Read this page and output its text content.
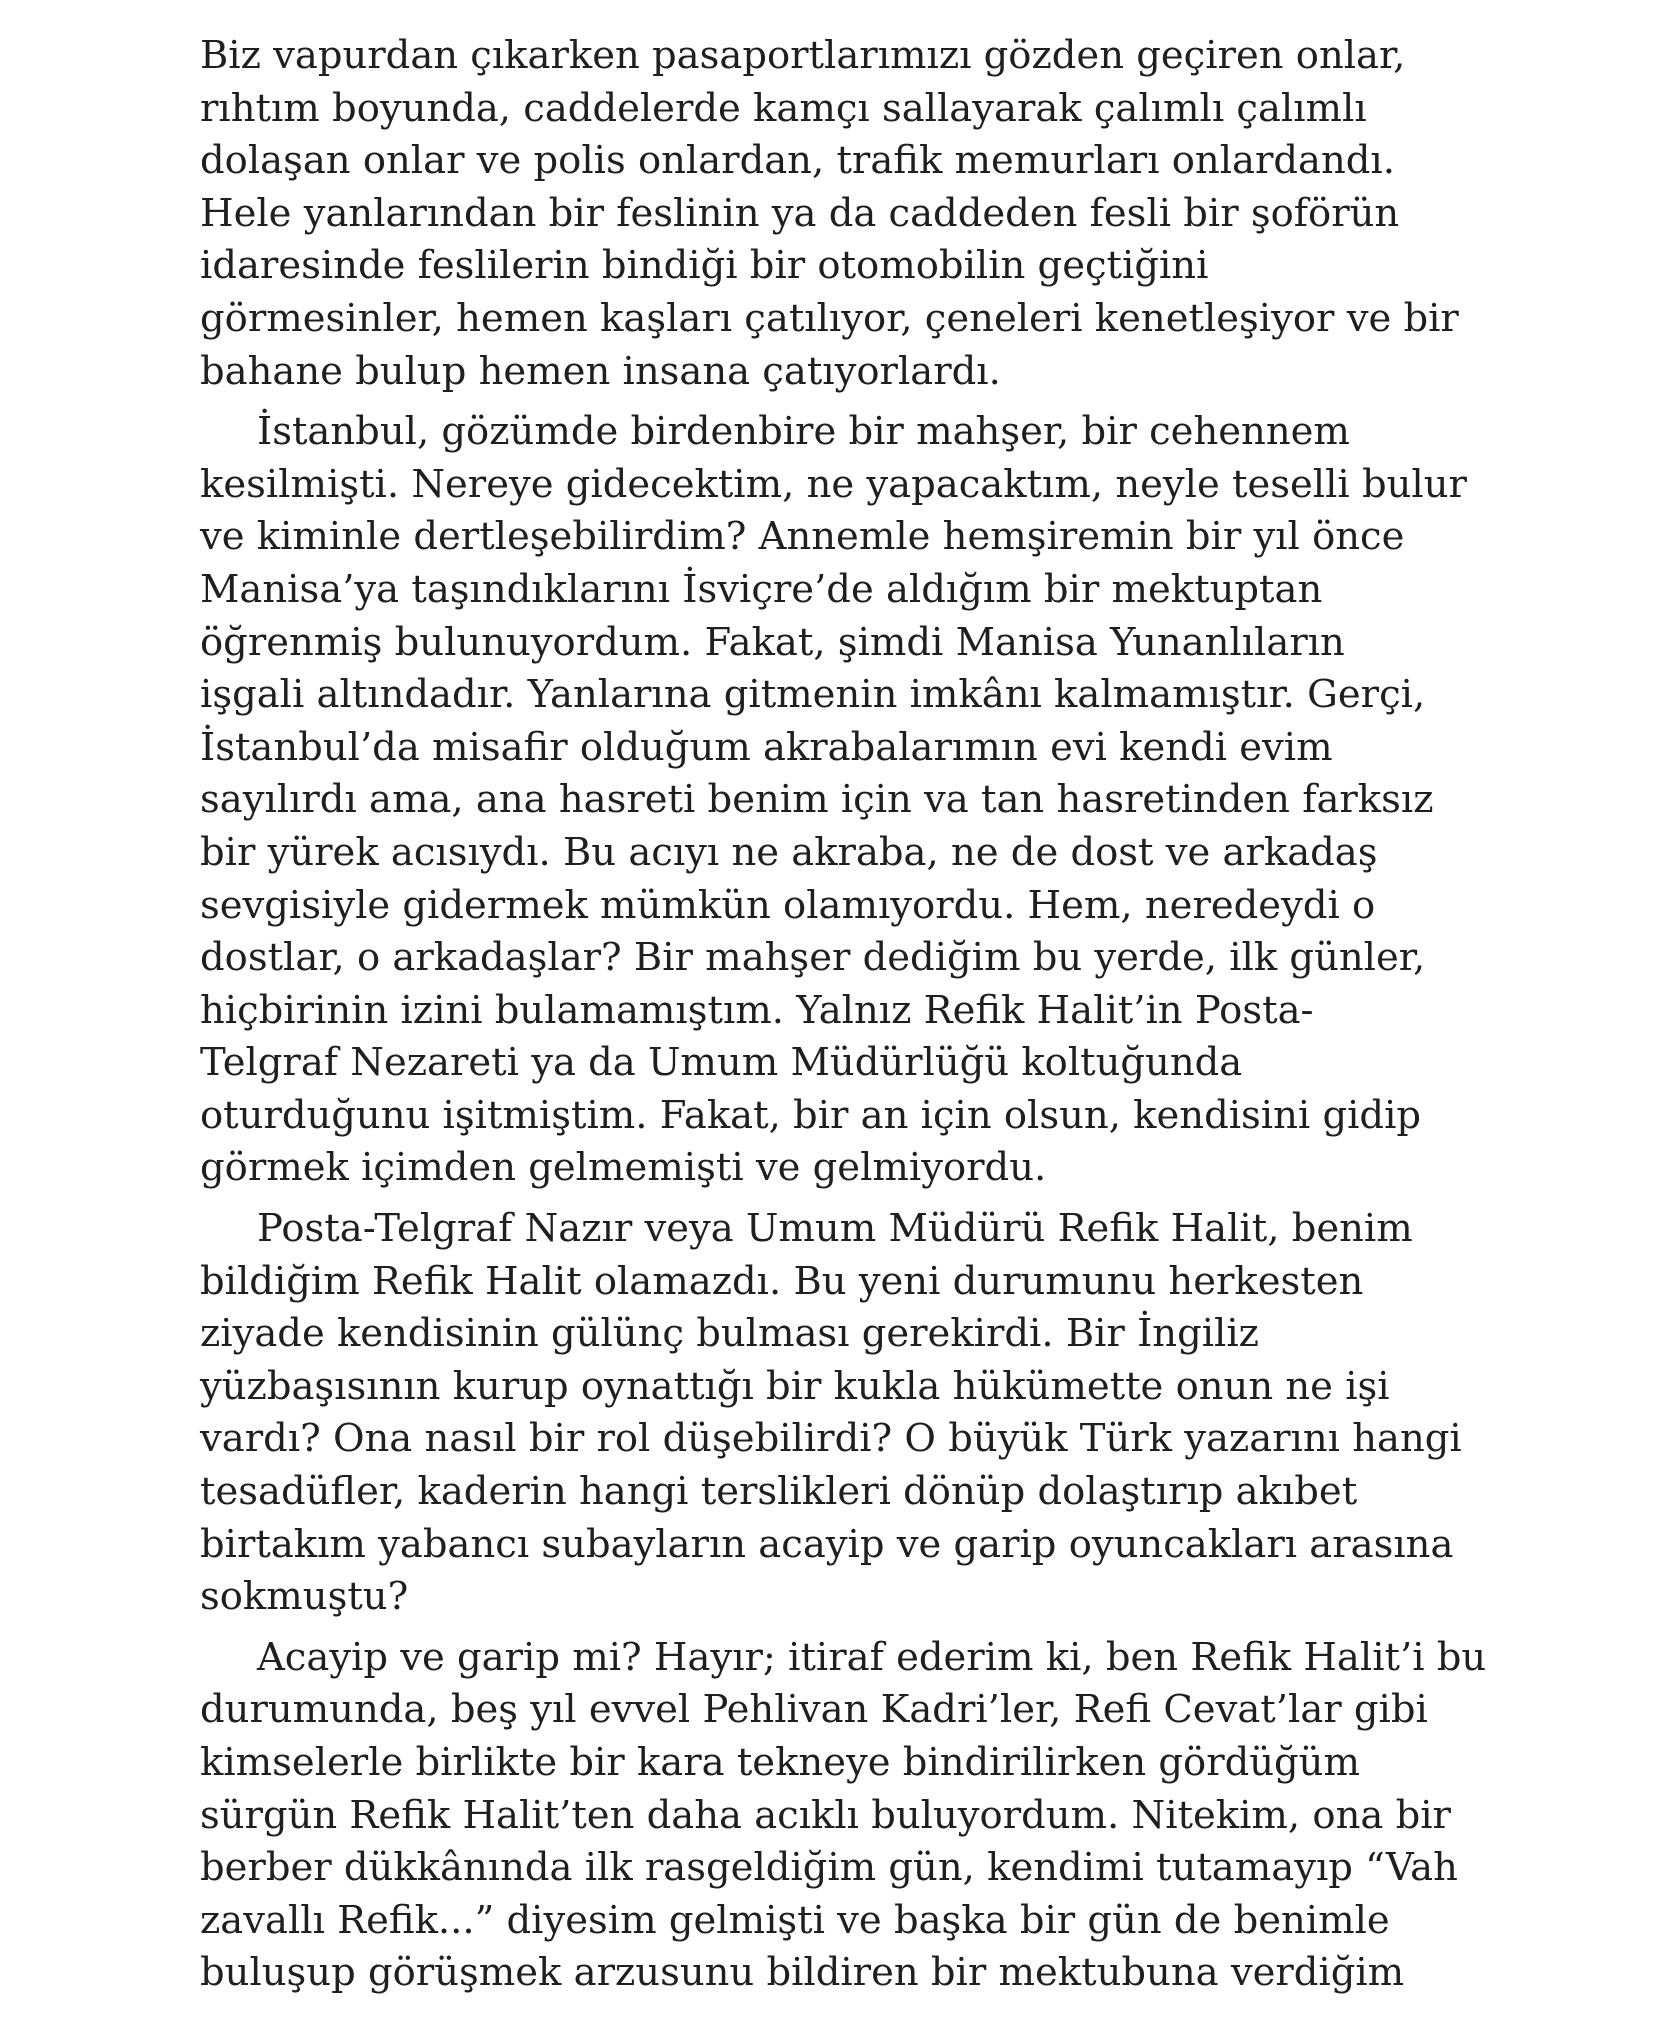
Biz vapurdan çıkarken pasaportlarımızı gözden geçiren onlar,
rıhtım boyunda, caddelerde kamçı sallayarak çalımlı çalımlı
dolaşan onlar ve polis onlardan, trafik memurları onlardandı.
Hele yanlarından bir feslinin ya da caddeden fesli bir şoförün
idaresinde feslilerin bindiği bir otomobilin geçtiğini
görmesinler, hemen kaşları çatılıyor, çeneleri kenetleşiyor ve bir
bahane bulup hemen insana çatıyorlardı.
İstanbul, gözümde birdenbire bir mahşer, bir cehennem
kesilmişti. Nereye gidecektim, ne yapacaktım, neyle teselli bulur
ve kiminle dertleşebilirdim? Annemle hemşiremin bir yıl önce
Manisa’ya taşındıklarını İsviçre’de aldığım bir mektuptan
öğrenmiş bulunuyordum. Fakat, şimdi Manisa Yunanlıların
işgali altındadır. Yanlarına gitmenin imkânı kalmamıştır. Gerçi,
İstanbul’da misafir olduğum akrabalarımın evi kendi evim
sayılırdı ama, ana hasreti benim için va tan hasretinden farksız
bir yürek acısıydı. Bu acıyı ne akraba, ne de dost ve arkadaş
sevgisiyle gidermek mümkün olamıyordu. Hem, neredeydi o
dostlar, o arkadaşlar? Bir mahşer dediğim bu yerde, ilk günler,
hiçbirinin izini bulamamıştım. Yalnız Refik Halit’in Posta-
Telgraf Nezareti ya da Umum Müdürlüğü koltuğunda
oturduğunu işitmiştim. Fakat, bir an için olsun, kendisini gidip
görmek içimden gelmemişti ve gelmiyordu.
Posta-Telgraf Nazır veya Umum Müdürü Refik Halit, benim
bildiğim Refik Halit olamazdı. Bu yeni durumunu herkesten
ziyade kendisinin gülünç bulması gerekirdi. Bir İngiliz
yüzbaşısının kurup oynattığı bir kukla hükümette onun ne işi
vardı? Ona nasıl bir rol düşebilirdi? O büyük Türk yazarını hangi
tesadüfler, kaderin hangi terslikleri dönüp dolaştırıp akıbet
birtakım yabancı subayların acayip ve garip oyuncakları arasına
sokmuştu?
Acayip ve garip mi? Hayır; itiraf ederim ki, ben Refik Halit’i bu
durumunda, beş yıl evvel Pehlivan Kadri’ler, Refi Cevat’lar gibi
kimselerle birlikte bir kara tekneye bindirilirken gördüğüm
sürgün Refik Halit’ten daha acıklı buluyordum. Nitekim, ona bir
berber dükkânında ilk rasgeldiğim gün, kendimi tutamayıp “Vah
zavallı Refik...” diyesim gelmişti ve başka bir gün de benimle
buluşup görüşmek arzusunu bildiren bir mektubuna verdiğim
